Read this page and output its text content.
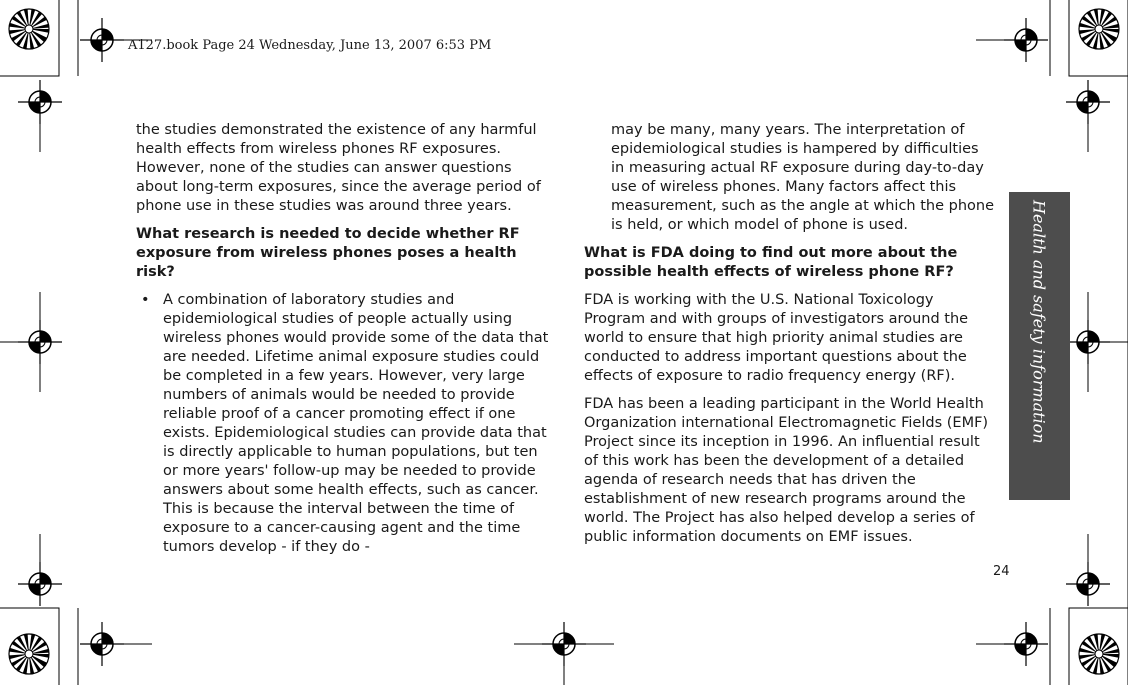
A127.book Page 24 Wednesday, June 13, 2007 6:53 PM

the studies demonstrated the existence of any harmful health effects from wireless phones RF exposures. However, none of the studies can answer questions about long-term exposures, since the average period of phone use in these studies was around three years.

What research is needed to decide whether RF exposure from wireless phones poses a health risk?

• A combination of laboratory studies and epidemiological studies of people actually using wireless phones would provide some of the data that are needed. Lifetime animal exposure studies could be completed in a few years. However, very large numbers of animals would be needed to provide reliable proof of a cancer promoting effect if one exists. Epidemiological studies can provide data that is directly applicable to human populations, but ten or more years' follow-up may be needed to provide answers about some health effects, such as cancer. This is because the interval between the time of exposure to a cancer-causing agent and the time tumors develop - if they do -

may be many, many years. The interpretation of epidemiological studies is hampered by difficulties in measuring actual RF exposure during day-to-day use of wireless phones. Many factors affect this measurement, such as the angle at which the phone is held, or which model of phone is used.

What is FDA doing to find out more about the possible health effects of wireless phone RF?

FDA is working with the U.S. National Toxicology Program and with groups of investigators around the world to ensure that high priority animal studies are conducted to address important questions about the effects of exposure to radio frequency energy (RF).

FDA has been a leading participant in the World Health Organization international Electromagnetic Fields (EMF) Project since its inception in 1996. An influential result of this work has been the development of a detailed agenda of research needs that has driven the establishment of new research programs around the world. The Project has also helped develop a series of public information documents on EMF issues.

Health and safety information
24
